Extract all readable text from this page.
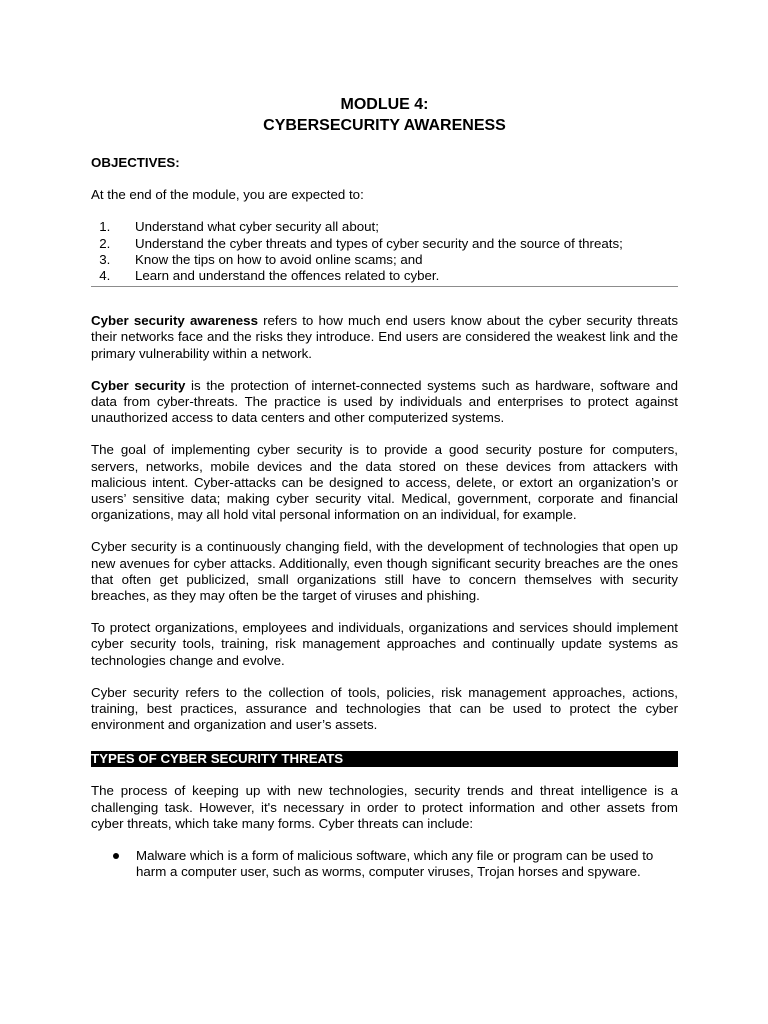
MODLUE 4:
CYBERSECURITY AWARENESS
OBJECTIVES:
At the end of the module, you are expected to:
1. Understand what cyber security all about;
2. Understand the cyber threats and types of cyber security and the source of threats;
3. Know the tips on how to avoid online scams; and
4. Learn and understand the offences related to cyber.

Cyber security awareness refers to how much end users know about the cyber security threats their networks face and the risks they introduce. End users are considered the weakest link and the primary vulnerability within a network.

Cyber security is the protection of internet-connected systems such as hardware, software and data from cyber-threats. The practice is used by individuals and enterprises to protect against unauthorized access to data centers and other computerized systems.

The goal of implementing cyber security is to provide a good security posture for computers, servers, networks, mobile devices and the data stored on these devices from attackers with malicious intent. Cyber-attacks can be designed to access, delete, or extort an organization’s or users’ sensitive data; making cyber security vital. Medical, government, corporate and financial organizations, may all hold vital personal information on an individual, for example.

Cyber security is a continuously changing field, with the development of technologies that open up new avenues for cyber attacks. Additionally, even though significant security breaches are the ones that often get publicized, small organizations still have to concern themselves with security breaches, as they may often be the target of viruses and phishing.

To protect organizations, employees and individuals, organizations and services should implement cyber security tools, training, risk management approaches and continually update systems as technologies change and evolve.

Cyber security refers to the collection of tools, policies, risk management approaches, actions, training, best practices, assurance and technologies that can be used to protect the cyber environment and organization and user’s assets.

TYPES OF CYBER SECURITY THREATS

The process of keeping up with new technologies, security trends and threat intelligence is a challenging task. However, it's necessary in order to protect information and other assets from cyber threats, which take many forms. Cyber threats can include:

Malware which is a form of malicious software, which any file or program can be used to harm a computer user, such as worms, computer viruses, Trojan horses and spyware.
